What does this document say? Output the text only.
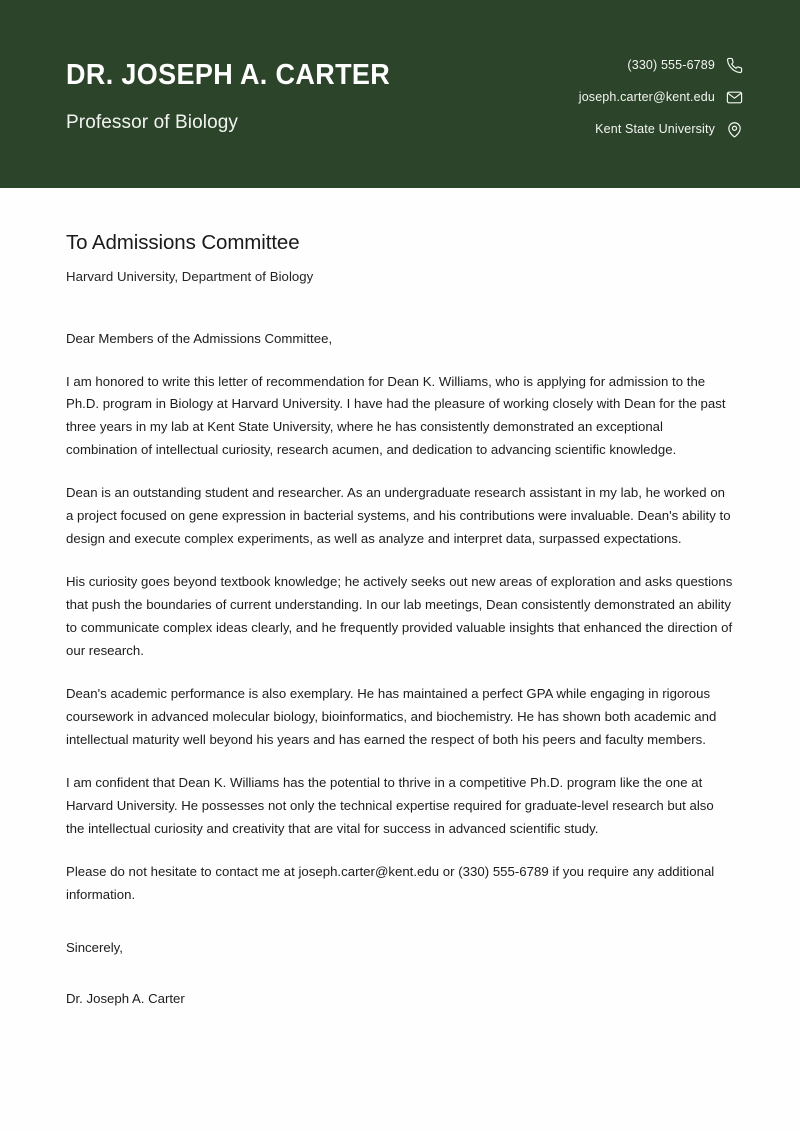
DR. JOSEPH A. CARTER

Professor of Biology

(330) 555-6789
joseph.carter@kent.edu
Kent State University
To Admissions Committee

Harvard University, Department of Biology

Dear Members of the Admissions Committee,

I am honored to write this letter of recommendation for Dean K. Williams, who is applying for admission to the Ph.D. program in Biology at Harvard University. I have had the pleasure of working closely with Dean for the past three years in my lab at Kent State University, where he has consistently demonstrated an exceptional combination of intellectual curiosity, research acumen, and dedication to advancing scientific knowledge.

Dean is an outstanding student and researcher. As an undergraduate research assistant in my lab, he worked on a project focused on gene expression in bacterial systems, and his contributions were invaluable. Dean's ability to design and execute complex experiments, as well as analyze and interpret data, surpassed expectations.

His curiosity goes beyond textbook knowledge; he actively seeks out new areas of exploration and asks questions that push the boundaries of current understanding. In our lab meetings, Dean consistently demonstrated an ability to communicate complex ideas clearly, and he frequently provided valuable insights that enhanced the direction of our research.

Dean's academic performance is also exemplary. He has maintained a perfect GPA while engaging in rigorous coursework in advanced molecular biology, bioinformatics, and biochemistry. He has shown both academic and intellectual maturity well beyond his years and has earned the respect of both his peers and faculty members.

I am confident that Dean K. Williams has the potential to thrive in a competitive Ph.D. program like the one at Harvard University. He possesses not only the technical expertise required for graduate-level research but also the intellectual curiosity and creativity that are vital for success in advanced scientific study.

Please do not hesitate to contact me at joseph.carter@kent.edu or (330) 555-6789 if you require any additional information.

Sincerely,

Dr. Joseph A. Carter
